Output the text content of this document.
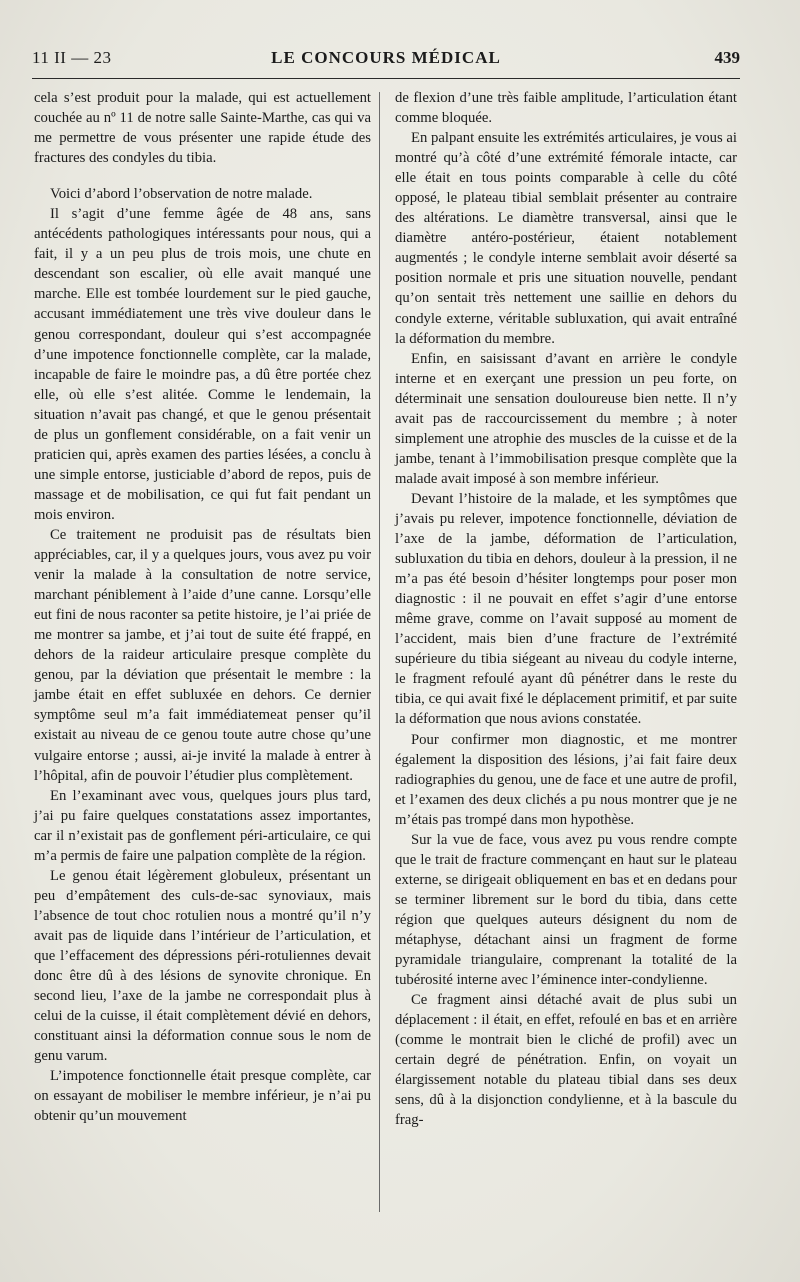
11 II — 23	LE CONCOURS MÉDICAL	439

cela s’est produit pour la malade, qui est actuellement couchée au nº 11 de notre salle Sainte-Marthe, cas qui va me permettre de vous présenter une rapide étude des fractures des condyles du tibia.

Voici d’abord l’observation de notre malade.

Il s’agit d’une femme âgée de 48 ans, sans antécédents pathologiques intéressants pour nous, qui a fait, il y a un peu plus de trois mois, une chute en descendant son escalier, où elle avait manqué une marche. Elle est tombée lourdement sur le pied gauche, accusant immédiatement une très vive douleur dans le genou correspondant, douleur qui s’est accompagnée d’une impotence fonctionnelle complète, car la malade, incapable de faire le moindre pas, a dû être portée chez elle, où elle s’est alitée. Comme le lendemain, la situation n’avait pas changé, et que le genou présentait de plus un gonflement considérable, on a fait venir un praticien qui, après examen des parties lésées, a conclu à une simple entorse, justiciable d’abord de repos, puis de massage et de mobilisation, ce qui fut fait pendant un mois environ.

Ce traitement ne produisit pas de résultats bien appréciables, car, il y a quelques jours, vous avez pu voir venir la malade à la consultation de notre service, marchant péniblement à l’aide d’une canne. Lorsqu’elle eut fini de nous raconter sa petite histoire, je l’ai priée de me montrer sa jambe, et j’ai tout de suite été frappé, en dehors de la raideur articulaire presque complète du genou, par la déviation que présentait le membre : la jambe était en effet subluxée en dehors. Ce dernier symptôme seul m’a fait immédiatemeat penser qu’il existait au niveau de ce genou toute autre chose qu’une vulgaire entorse ; aussi, ai-je invité la malade à entrer à l’hôpital, afin de pouvoir l’étudier plus complètement.

En l’examinant avec vous, quelques jours plus tard, j’ai pu faire quelques constatations assez importantes, car il n’existait pas de gonflement péri-articulaire, ce qui m’a permis de faire une palpation complète de la région.

Le genou était légèrement globuleux, présentant un peu d’empâtement des culs-de-sac synoviaux, mais l’absence de tout choc rotulien nous a montré qu’il n’y avait pas de liquide dans l’intérieur de l’articulation, et que l’effacement des dépressions péri-rotuliennes devait donc être dû à des lésions de synovite chronique. En second lieu, l’axe de la jambe ne correspondait plus à celui de la cuisse, il était complètement dévié en dehors, constituant ainsi la déformation connue sous le nom de genu varum.

L’impotence fonctionnelle était presque complète, car on essayant de mobiliser le membre inférieur, je n’ai pu obtenir qu’un mouvement

de flexion d’une très faible amplitude, l’articulation étant comme bloquée.

En palpant ensuite les extrémités articulaires, je vous ai montré qu’à côté d’une extrémité fémorale intacte, car elle était en tous points comparable à celle du côté opposé, le plateau tibial semblait présenter au contraire des altérations. Le diamètre transversal, ainsi que le diamètre antéro-postérieur, étaient notablement augmentés ; le condyle interne semblait avoir déserté sa position normale et pris une situation nouvelle, pendant qu’on sentait très nettement une saillie en dehors du condyle externe, véritable subluxation, qui avait entraîné la déformation du membre.

Enfin, en saisissant d’avant en arrière le condyle interne et en exerçant une pression un peu forte, on déterminait une sensation douloureuse bien nette. Il n’y avait pas de raccourcissement du membre ; à noter simplement une atrophie des muscles de la cuisse et de la jambe, tenant à l’immobilisation presque complète que la malade avait imposé à son membre inférieur.

Devant l’histoire de la malade, et les symptômes que j’avais pu relever, impotence fonctionnelle, déviation de l’axe de la jambe, déformation de l’articulation, subluxation du tibia en dehors, douleur à la pression, il ne m’a pas été besoin d’hésiter longtemps pour poser mon diagnostic : il ne pouvait en effet s’agir d’une entorse même grave, comme on l’avait supposé au moment de l’accident, mais bien d’une fracture de l’extrémité supérieure du tibia siégeant au niveau du codyle interne, le fragment refoulé ayant dû pénétrer dans le reste du tibia, ce qui avait fixé le déplacement primitif, et par suite la déformation que nous avions constatée.

Pour confirmer mon diagnostic, et me montrer également la disposition des lésions, j’ai fait faire deux radiographies du genou, une de face et une autre de profil, et l’examen des deux clichés a pu nous montrer que je ne m’étais pas trompé dans mon hypothèse.

Sur la vue de face, vous avez pu vous rendre compte que le trait de fracture commençant en haut sur le plateau externe, se dirigeait obliquement en bas et en dedans pour se terminer librement sur le bord du tibia, dans cette région que quelques auteurs désignent du nom de métaphyse, détachant ainsi un fragment de forme pyramidale triangulaire, comprenant la totalité de la tubérosité interne avec l’éminence inter-condylienne.

Ce fragment ainsi détaché avait de plus subi un déplacement : il était, en effet, refoulé en bas et en arrière (comme le montrait bien le cliché de profil) avec un certain degré de pénétration. Enfin, on voyait un élargissement notable du plateau tibial dans ses deux sens, dû à la disjonction condylienne, et à la bascule du frag-
